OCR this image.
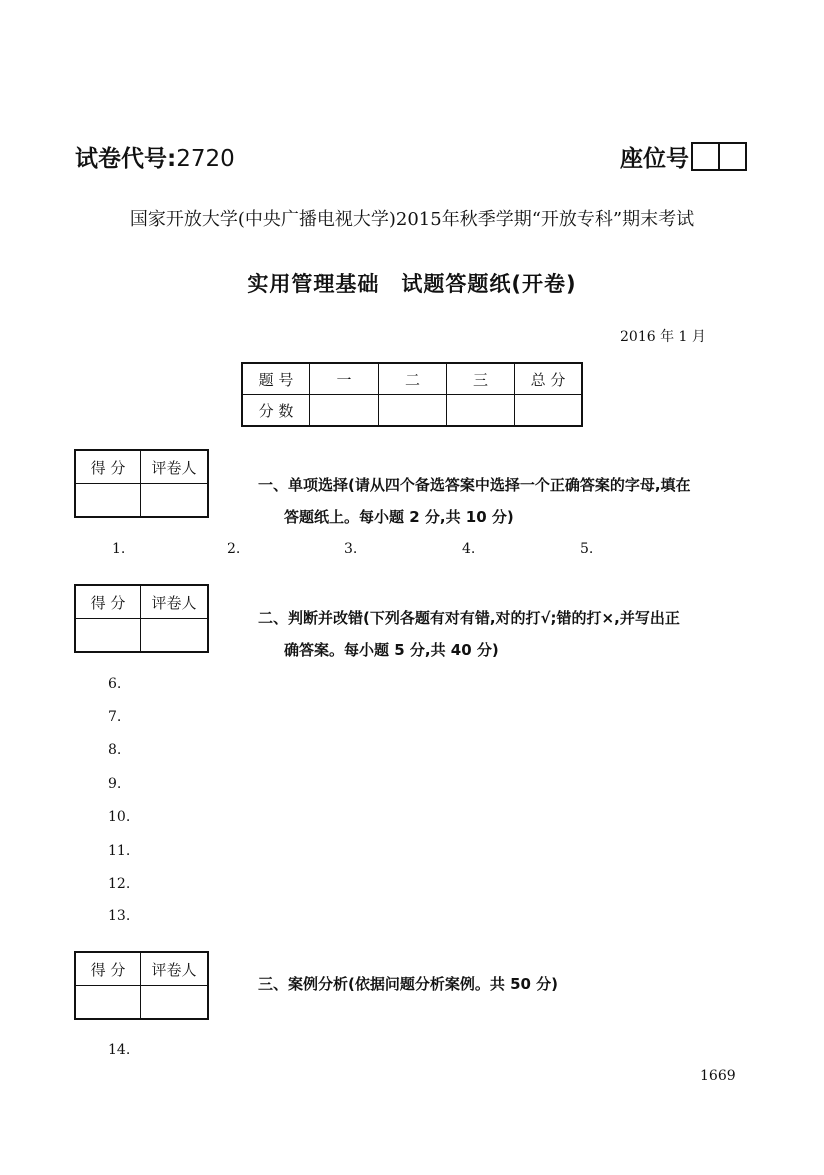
试卷代号:2720	座位号
国家开放大学(中央广播电视大学)2015年秋季学期“开放专科”期末考试
实用管理基础 试题答题纸(开卷)
2016 年 1 月
题 号	一	二	三	总 分
分 数				
得 分	评卷人

一、单项选择(请从四个备选答案中选择一个正确答案的字母,填在
答题纸上。每小题 2 分,共 10 分)
1.	2.	3.	4.	5.
得 分	评卷人

二、判断并改错(下列各题有对有错,对的打√;错的打×,并写出正
确答案。每小题 5 分,共 40 分)
6.
7.
8.
9.
10.
11.
12.
13.
得 分	评卷人

三、案例分析(依据问题分析案例。共 50 分)
14.
1669
